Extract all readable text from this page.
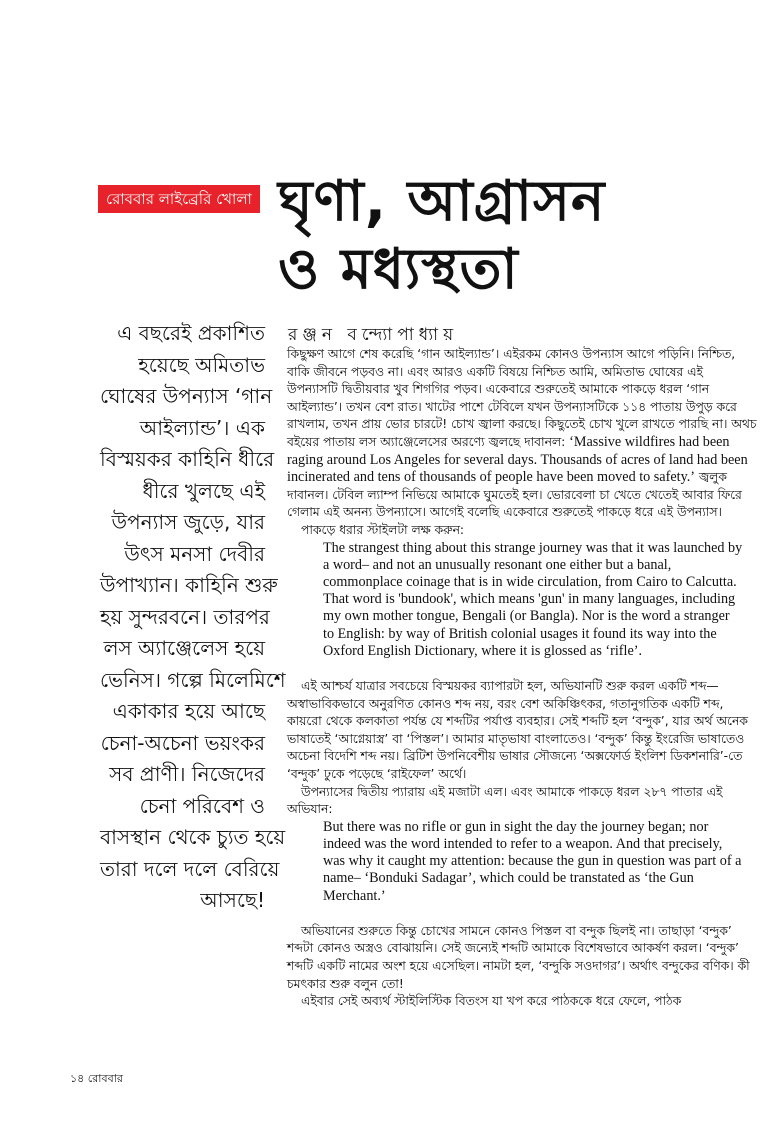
রোববার লাইব্রেরি খোলা ঘৃণা, আগ্রাসন
ও মধ্যস্থতা
এ বছরেই প্রকাশিত
হয়েছে অমিতাভ
ঘোষের উপন্যাস ‘গান
আইল্যান্ড’। এক
বিস্ময়কর কাহিনি ধীরে
ধীরে খুলছে এই
উপন্যাস জুড়ে, যার
উৎস মনসা দেবীর
উপাখ্যান। কাহিনি শুরু
হয় সুন্দরবনে। তারপর
লস অ্যাঞ্জেলেস হয়ে
ভেনিস। গল্পে মিলেমিশে
একাকার হয়ে আছে
চেনা-অচেনা ভয়ংকর
সব প্রাণী। নিজেদের
চেনা পরিবেশ ও
বাসস্থান থেকে চ্যুত হয়ে
তারা দলে দলে বেরিয়ে
আসছে!
রঞ্জন বন্দ্যোপাধ্যায়

কিছুক্ষণ আগে শেষ করেছি ‘গান আইল্যান্ড’। এইরকম কোনও উপন্যাস আগে পড়িনি। নিশ্চিত, বাকি জীবনে পড়বও না। এবং আরও একটি বিষয়ে নিশ্চিত আমি, অমিতাভ ঘোষের এই উপন্যাসটি দ্বিতীয়বার খুব শিগগির পড়ব। একেবারে শুরুতেই আমাকে পাকড়ে ধরল ‘গান আইল্যান্ড’। তখন বেশ রাত। খাটের পাশে টেবিলে যখন উপন্যাসটিকে ১১৪ পাতায় উপুড় করে রাখলাম, তখন প্রায় ভোর চারটে! চোখ জ্বালা করছে। কিছুতেই চোখ খুলে রাখতে পারছি না। অথচ বইয়ের পাতায় লস অ্যাঞ্জেলেসের অরণ্যে জ্বলছে দাবানল: ‘Massive wildfires had been raging around Los Angeles for several days. Thousands of acres of land had been incinerated and tens of thousands of people have been moved to safety.’ জ্বলুক দাবানল। টেবিল ল্যাম্প নিভিয়ে আমাকে ঘুমতেই হল। ভোরবেলা চা খেতে খেতেই আবার ফিরে গেলাম এই অনন্য উপন্যাসে। আগেই বলেছি একেবারে শুরুতেই পাকড়ে ধরে এই উপন্যাস।

পাকড়ে ধরার স্টাইলটা লক্ষ করুন:

The strangest thing about this strange journey was that it was launched by a word– and not an unusually resonant one either but a banal, commonplace coinage that is in wide circulation, from Cairo to Calcutta. That word is 'bundook', which means 'gun' in many languages, including my own mother tongue, Bengali (or Bangla). Nor is the word a stranger to English: by way of British colonial usages it found its way into the Oxford English Dictionary, where it is glossed as ‘rifle’.

এই আশ্চর্য যাত্রার সবচেয়ে বিস্ময়কর ব্যাপারটা হল, অভিযানটি শুরু করল একটি শব্দ— অস্বাভাবিকভাবে অনুরণিত কোনও শব্দ নয়, বরং বেশ অকিঞ্চিৎকর, গতানুগতিক একটি শব্দ, কায়রো থেকে কলকাতা পর্যন্ত যে শব্দটির পর্যাপ্ত ব্যবহার। সেই শব্দটি হল ‘বন্দুক’, যার অর্থ অনেক ভাষাতেই ‘আগ্নেয়াস্ত্র’ বা ‘পিস্তল’। আমার মাতৃভাষা বাংলাতেও। ‘বন্দুক’ কিন্তু ইংরেজি ভাষাতেও অচেনা বিদেশি শব্দ নয়। ব্রিটিশ উপনিবেশীয় ভাষার সৌজন্যে ‘অক্সফোর্ড ইংলিশ ডিকশনারি’-তে ‘বন্দুক’ ঢুকে পড়েছে ‘রাইফেল’ অর্থে।

উপন্যাসের দ্বিতীয় প্যারায় এই মজাটা এল। এবং আমাকে পাকড়ে ধরল ২৮৭ পাতার এই অভিযান:

But there was no rifle or gun in sight the day the journey began; nor indeed was the word intended to refer to a weapon. And that precisely, was why it caught my attention: because the gun in question was part of a name– ‘Bonduki Sadagar’, which could be transtated as ‘the Gun Merchant.’

অভিযানের শুরুতে কিন্তু চোখের সামনে কোনও পিস্তল বা বন্দুক ছিলই না। তাছাড়া ‘বন্দুক’ শব্দটা কোনও অস্ত্রও বোঝায়নি। সেই জন্যেই শব্দটি আমাকে বিশেষভাবে আকর্ষণ করল। ‘বন্দুক’ শব্দটি একটি নামের অংশ হয়ে এসেছিল। নামটা হল, ‘বন্দুকি সওদাগর’। অর্থাৎ বন্দুকের বণিক। কী চমৎকার শুরু বলুন তো!

এইবার সেই অব্যর্থ স্টাইলিস্টিক বিতংস যা খপ করে পাঠককে ধরে ফেলে, পাঠক

১৪ রোববার
